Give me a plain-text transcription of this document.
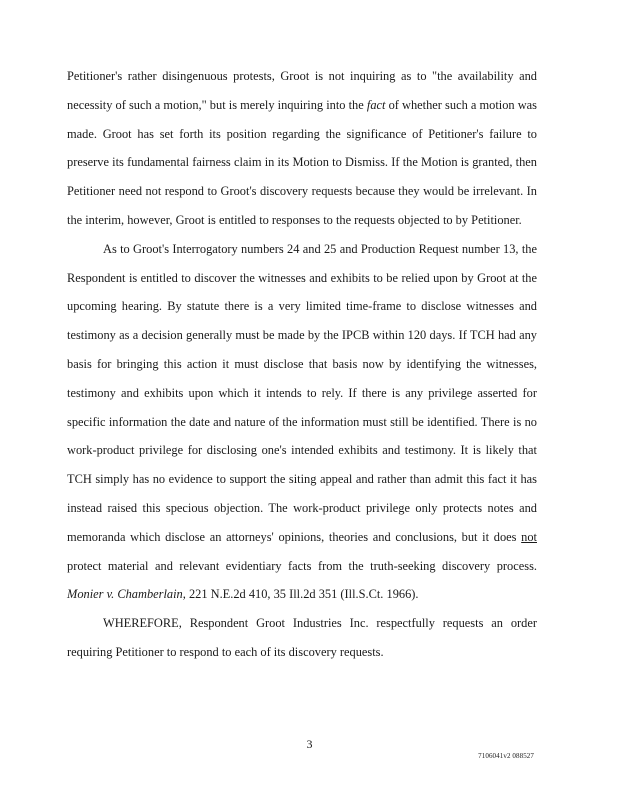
Petitioner's rather disingenuous protests, Groot is not inquiring as to "the availability and necessity of such a motion," but is merely inquiring into the fact of whether such a motion was made. Groot has set forth its position regarding the significance of Petitioner's failure to preserve its fundamental fairness claim in its Motion to Dismiss. If the Motion is granted, then Petitioner need not respond to Groot's discovery requests because they would be irrelevant. In the interim, however, Groot is entitled to responses to the requests objected to by Petitioner.

As to Groot's Interrogatory numbers 24 and 25 and Production Request number 13, the Respondent is entitled to discover the witnesses and exhibits to be relied upon by Groot at the upcoming hearing. By statute there is a very limited time-frame to disclose witnesses and testimony as a decision generally must be made by the IPCB within 120 days. If TCH had any basis for bringing this action it must disclose that basis now by identifying the witnesses, testimony and exhibits upon which it intends to rely. If there is any privilege asserted for specific information the date and nature of the information must still be identified. There is no work-product privilege for disclosing one's intended exhibits and testimony. It is likely that TCH simply has no evidence to support the siting appeal and rather than admit this fact it has instead raised this specious objection. The work-product privilege only protects notes and memoranda which disclose an attorneys' opinions, theories and conclusions, but it does not protect material and relevant evidentiary facts from the truth-seeking discovery process. Monier v. Chamberlain, 221 N.E.2d 410, 35 Ill.2d 351 (Ill.S.Ct. 1966).

WHEREFORE, Respondent Groot Industries Inc. respectfully requests an order requiring Petitioner to respond to each of its discovery requests.

3
7106041v2 088527
